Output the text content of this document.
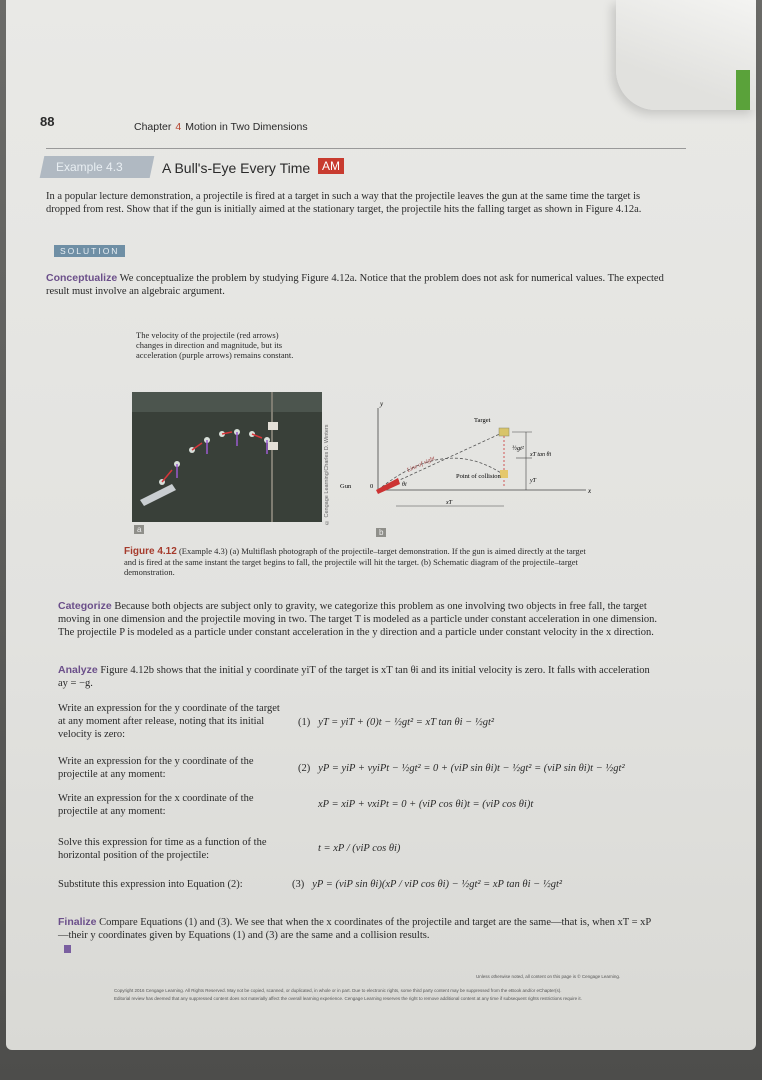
88	Chapter 4 Motion in Two Dimensions
Example 4.3	A Bull's-Eye Every Time AM
In a popular lecture demonstration, a projectile is fired at a target in such a way that the projectile leaves the gun at the same time the target is dropped from rest. Show that if the gun is initially aimed at the stationary target, the projectile hits the falling target as shown in Figure 4.12a.
SOLUTION
Conceptualize We conceptualize the problem by studying Figure 4.12a. Notice that the problem does not ask for numerical values. The expected result must involve an algebraic argument.
The velocity of the projectile (red arrows) changes in direction and magnitude, but its acceleration (purple arrows) remains constant.
© Cengage Learning/Charles D. Winters
a
y
x
Target
Line of sight
Gun	0	θi
Point of collision
½gt²
xT tan θi
yT
xT
b
Figure 4.12 (Example 4.3) (a) Multiflash photograph of the projectile–target demonstration. If the gun is aimed directly at the target and is fired at the same instant the target begins to fall, the projectile will hit the target. (b) Schematic diagram of the projectile–target demonstration.
Categorize Because both objects are subject only to gravity, we categorize this problem as one involving two objects in free fall, the target moving in one dimension and the projectile moving in two. The target T is modeled as a particle under constant acceleration in one dimension. The projectile P is modeled as a particle under constant acceleration in the y direction and a particle under constant velocity in the x direction.
Analyze Figure 4.12b shows that the initial y coordinate yiT of the target is xT tan θi and its initial velocity is zero. It falls with acceleration ay = −g.
Write an expression for the y coordinate of the target at any moment after release, noting that its initial velocity is zero:
(1) yT = yiT + (0)t − ½gt² = xT tan θi − ½gt²
Write an expression for the y coordinate of the projectile at any moment:
(2) yP = yiP + vyiPt − ½gt² = 0 + (viP sin θi)t − ½gt² = (viP sin θi)t − ½gt²
Write an expression for the x coordinate of the projectile at any moment:
xP = xiP + vxiPt = 0 + (viP cos θi)t = (viP cos θi)t
Solve this expression for time as a function of the horizontal position of the projectile:
t = xP / (viP cos θi)
Substitute this expression into Equation (2):	(3) yP = (viP sin θi)(xP / viP cos θi) − ½gt² = xP tan θi − ½gt²
Finalize Compare Equations (1) and (3). We see that when the x coordinates of the projectile and target are the same—that is, when xT = xP—their y coordinates given by Equations (1) and (3) are the same and a collision results.
Unless otherwise noted, all content on this page is © Cengage Learning.
Copyright 2016 Cengage Learning. All Rights Reserved. May not be copied, scanned, or duplicated, in whole or in part. Due to electronic rights, some third party content may be suppressed from the eBook and/or eChapter(s).
Editorial review has deemed that any suppressed content does not materially affect the overall learning experience. Cengage Learning reserves the right to remove additional content at any time if subsequent rights restrictions require it.
